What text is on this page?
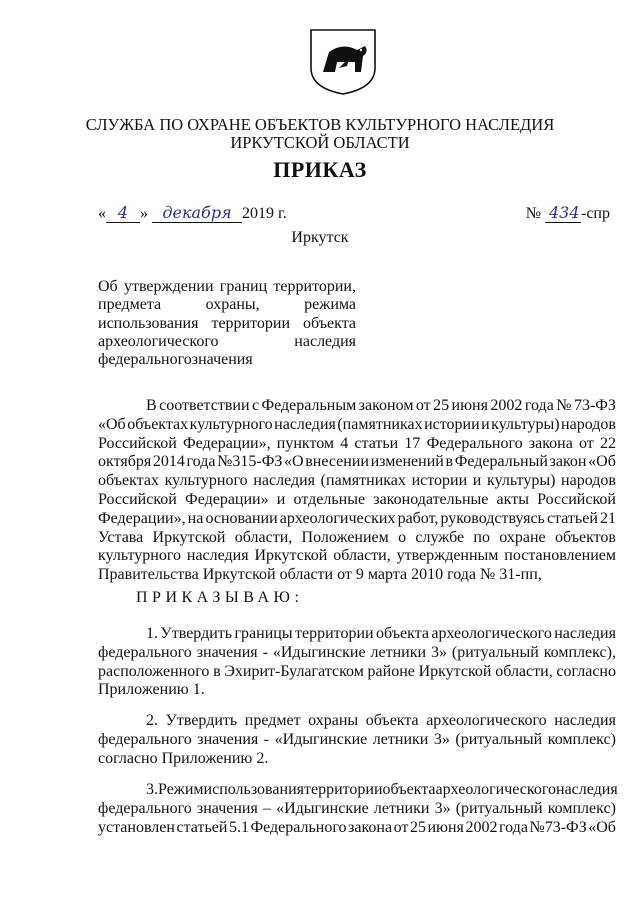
СЛУЖБА ПО ОХРАНЕ ОБЪЕКТОВ КУЛЬТУРНОГО НАСЛЕДИЯ
ИРКУТСКОЙ ОБЛАСТИ
ПРИКАЗ
« 4 » декабря 2019 г.	№ 434-спр
Иркутск
Об утверждении границ территории,
предмета	охраны,	режима
использования территории объекта
археологического	наследия
федерального значения
В соответствии с Федеральным законом от 25 июня 2002 года № 73-ФЗ
«Об объектах культурного наследия (памятниках истории и культуры) народов
Российской Федерации», пунктом 4 статьи 17 Федерального закона от 22
октября 2014 года №315-ФЗ «О внесении изменений в Федеральный закон «Об
объектах культурного наследия (памятниках истории и культуры) народов
Российской Федерации» и отдельные законодательные акты Российской
Федерации», на основании археологических работ, руководствуясь статьей 21
Устава Иркутской области, Положением о службе по охране объектов
культурного наследия Иркутской области, утвержденным постановлением
Правительства Иркутской области от 9 марта 2010 года № 31-пп,
ПРИКАЗЫВАЮ:
1. Утвердить границы территории объекта археологического наследия
федерального значения - «Идыгинские летники 3» (ритуальный комплекс),
расположенного в Эхирит-Булагатском районе Иркутской области, согласно
Приложению 1.
2. Утвердить предмет охраны объекта археологического наследия
федерального значения - «Идыгинские летники 3» (ритуальный комплекс)
согласно Приложению 2.
3. Режим использования территории объекта археологического наследия
федерального значения – «Идыгинские летники 3» (ритуальный комплекс)
установлен статьей 5.1 Федерального закона от 25 июня 2002 года №73-ФЗ «Об
